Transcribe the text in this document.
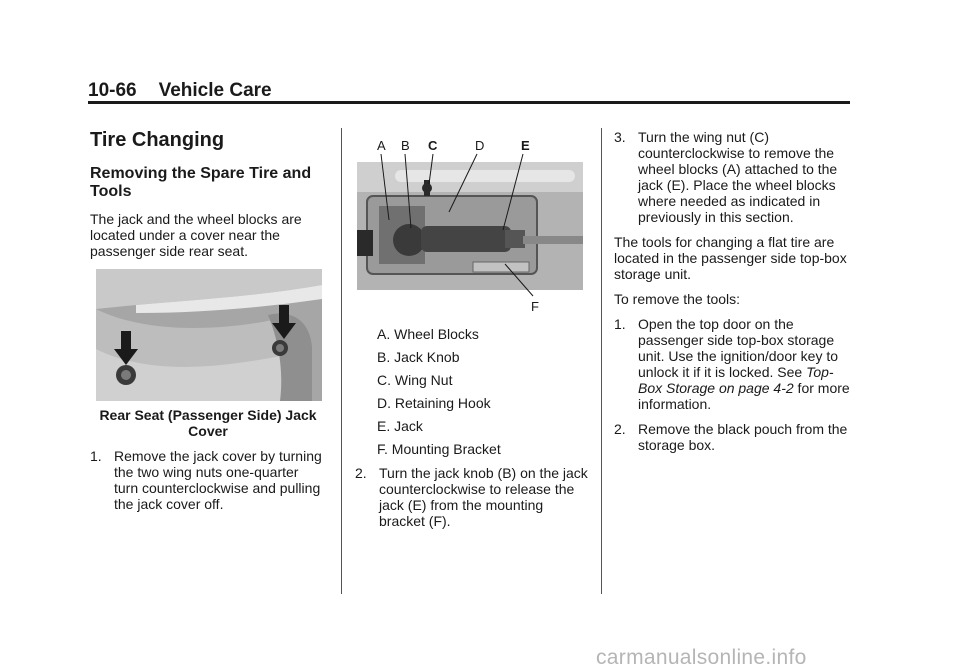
10-66 Vehicle Care
Tire Changing
Removing the Spare Tire and Tools

The jack and the wheel blocks are located under a cover near the passenger side rear seat.

Rear Seat (Passenger Side) Jack Cover
1. Remove the jack cover by turning the two wing nuts one-quarter turn counterclockwise and pulling the jack cover off.
A B C	D	E
F
A. Wheel Blocks
B. Jack Knob
C. Wing Nut
D. Retaining Hook
E. Jack
F. Mounting Bracket
2. Turn the jack knob (B) on the jack counterclockwise to release the jack (E) from the mounting bracket (F).
3. Turn the wing nut (C) counterclockwise to remove the wheel blocks (A) attached to the jack (E). Place the wheel blocks where needed as indicated in previously in this section.

The tools for changing a flat tire are located in the passenger side top-box storage unit.

To remove the tools:

1. Open the top door on the passenger side top-box storage unit. Use the ignition/door key to unlock it if it is locked. See Top-Box Storage on page 4-2 for more information.
2. Remove the black pouch from the storage box.
carmanualsonline.info
